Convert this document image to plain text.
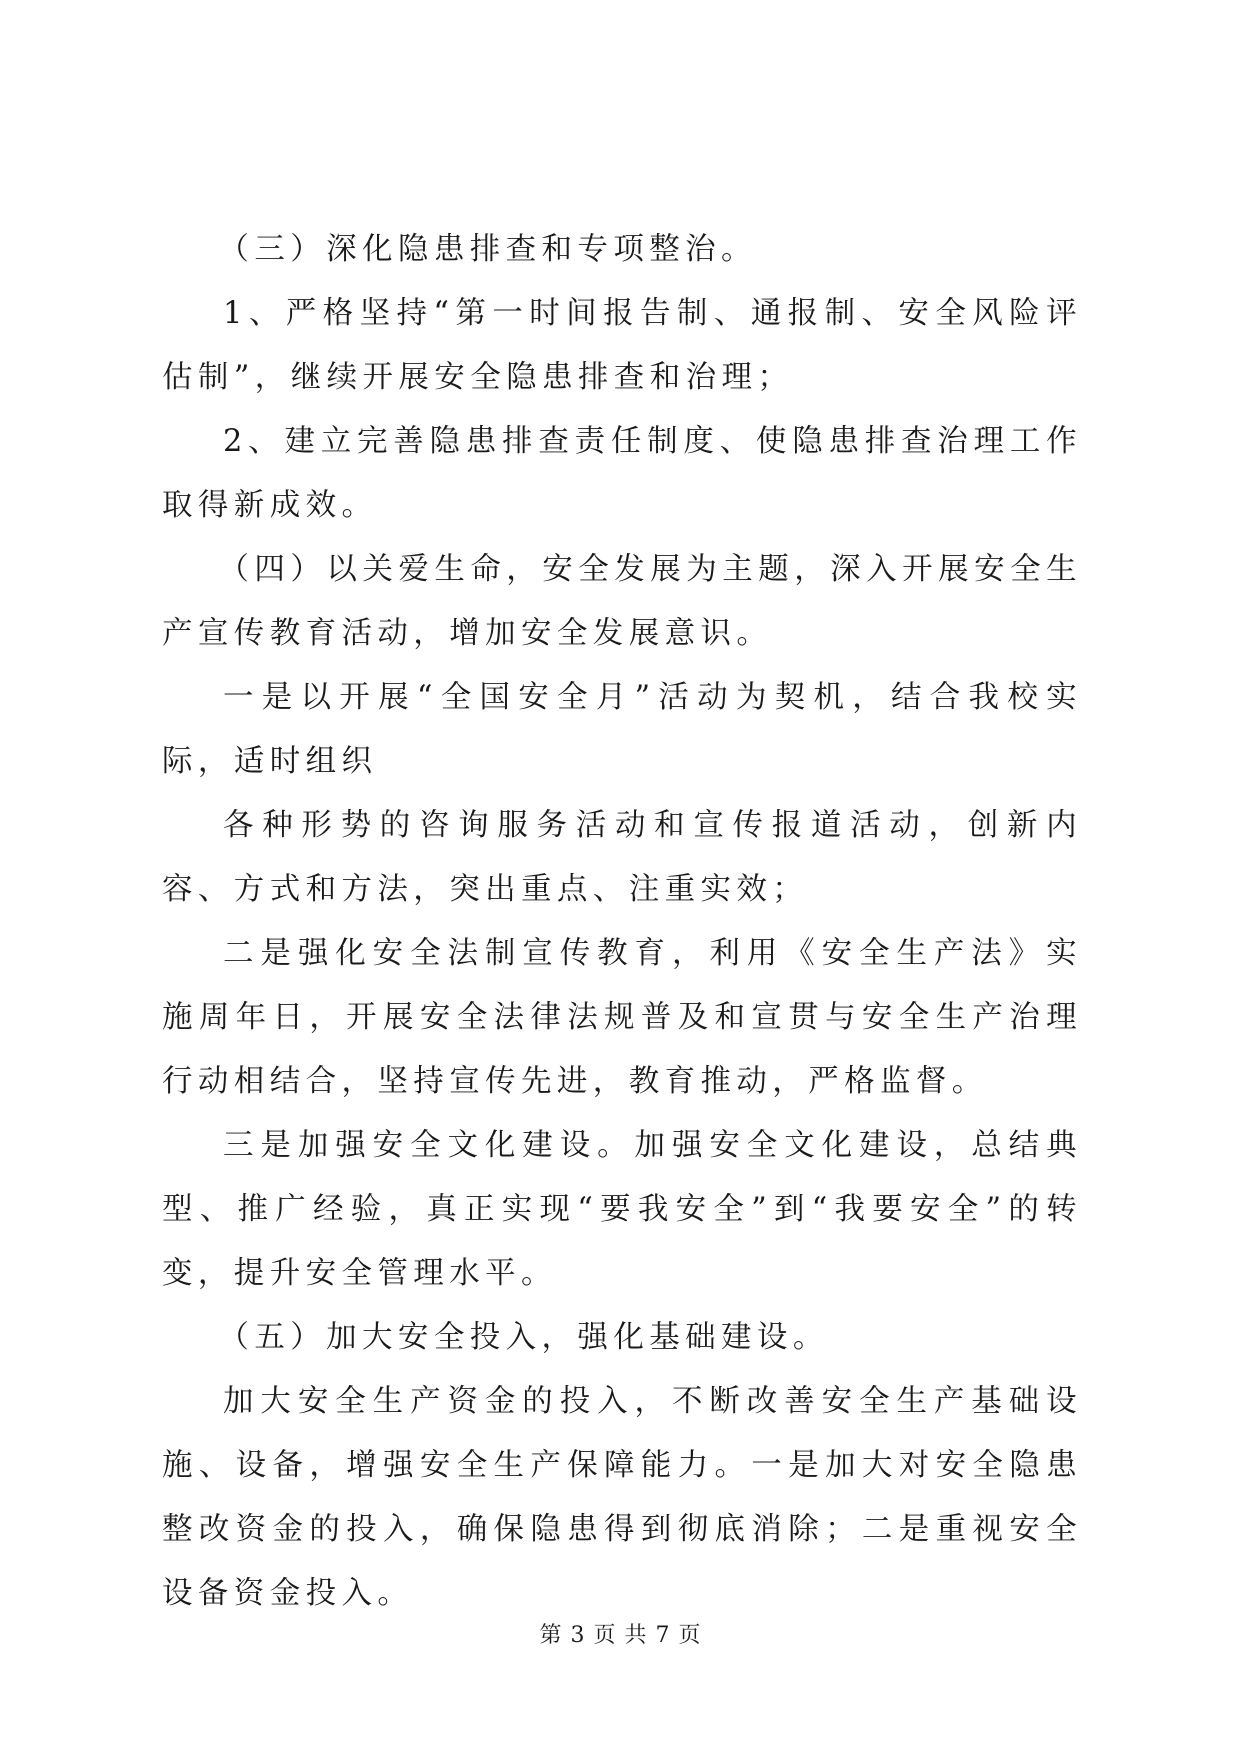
（三）深化隐患排查和专项整治。

1、严格坚持“第一时间报告制、通报制、安全风险评估制”，继续开展安全隐患排查和治理；

2、建立完善隐患排查责任制度、使隐患排查治理工作取得新成效。

（四）以关爱生命，安全发展为主题，深入开展安全生产宣传教育活动，增加安全发展意识。

一是以开展“全国安全月”活动为契机，结合我校实际，适时组织

各种形势的咨询服务活动和宣传报道活动，创新内容、方式和方法，突出重点、注重实效；

二是强化安全法制宣传教育，利用《安全生产法》实施周年日，开展安全法律法规普及和宣贯与安全生产治理行动相结合，坚持宣传先进，教育推动，严格监督。

三是加强安全文化建设。加强安全文化建设，总结典型、推广经验，真正实现“要我安全”到“我要安全”的转变，提升安全管理水平。

（五）加大安全投入，强化基础建设。

加大安全生产资金的投入，不断改善安全生产基础设施、设备，增强安全生产保障能力。一是加大对安全隐患整改资金的投入，确保隐患得到彻底消除；二是重视安全设备资金投入。

第 3 页 共 7 页
